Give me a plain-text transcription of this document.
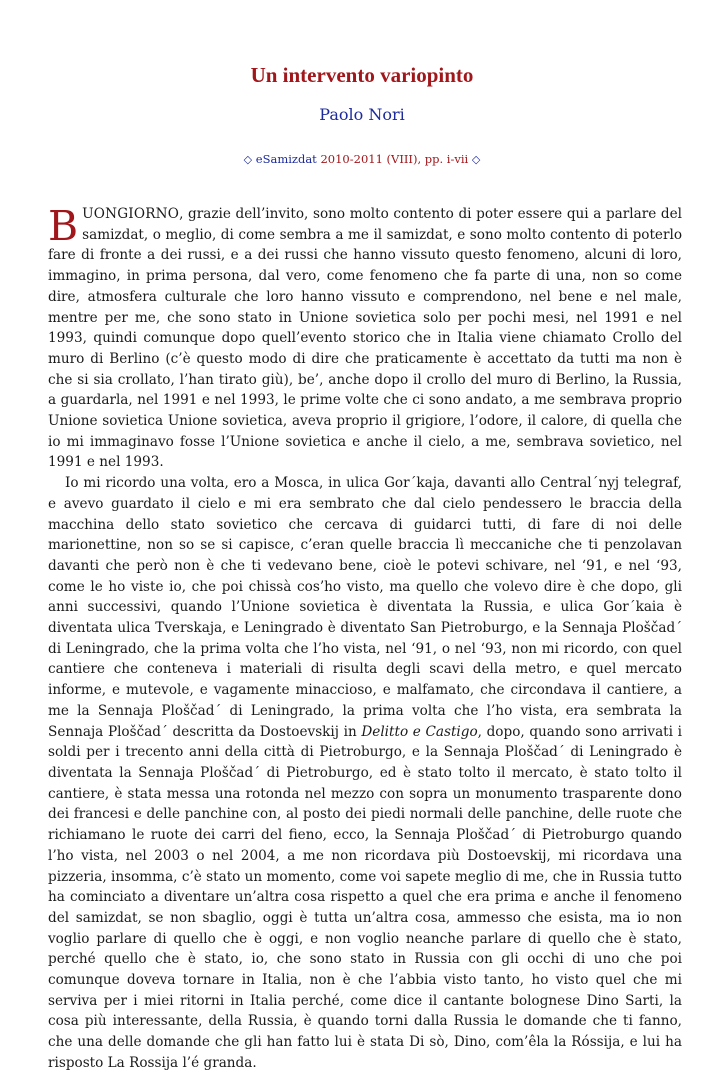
Un intervento variopinto
Paolo Nori
◇ eSamizdat 2010-2011 (VIII), pp. i-vii ◇

BUONGIORNO, grazie dell’invito, sono molto contento di poter essere qui a parlare del samizdat, o meglio, di come sembra a me il samizdat, e sono molto contento di poterlo fare di fronte a dei russi, e a dei russi che hanno vissuto questo fenomeno, alcuni di loro, immagino, in prima persona, dal vero, come fenomeno che fa parte di una, non so come dire, atmosfera culturale che loro hanno vissuto e comprendono, nel bene e nel male, mentre per me, che sono stato in Unione sovietica solo per pochi mesi, nel 1991 e nel 1993, quindi comunque dopo quell’evento storico che in Italia viene chiamato Crollo del muro di Berlino (c’è questo modo di dire che praticamente è accettato da tutti ma non è che si sia crollato, l’han tirato giù), be’, anche dopo il crollo del muro di Berlino, la Russia, a guardarla, nel 1991 e nel 1993, le prime volte che ci sono andato, a me sembrava proprio Unione sovietica Unione sovietica, aveva proprio il grigiore, l’odore, il calore, di quella che io mi immaginavo fosse l’Unione sovietica e anche il cielo, a me, sembrava sovietico, nel 1991 e nel 1993.

Io mi ricordo una volta, ero a Mosca, in ulica Gor´kaja, davanti allo Central´nyj telegraf, e avevo guardato il cielo e mi era sembrato che dal cielo pendessero le braccia della macchina dello stato sovietico che cercava di guidarci tutti, di fare di noi delle marionettine, non so se si capisce, c’eran quelle braccia lì meccaniche che ti penzolavan davanti che però non è che ti vedevano bene, cioè le potevi schivare, nel ‘91, e nel ‘93, come le ho viste io, che poi chissà cos’ho visto, ma quello che volevo dire è che dopo, gli anni successivi, quando l’Unione sovietica è diventata la Russia, e ulica Gor´kaia è diventata ulica Tverskaja, e Leningrado è diventato San Pietroburgo, e la Sennaja Ploščad´ di Leningrado, che la prima volta che l’ho vista, nel ‘91, o nel ‘93, non mi ricordo, con quel cantiere che conteneva i materiali di risulta degli scavi della metro, e quel mercato informe, e mutevole, e vagamente minaccioso, e malfamato, che circondava il cantiere, a me la Sennaja Ploščad´ di Leningrado, la prima volta che l’ho vista, era sembrata la Sennaja Ploščad´ descritta da Dostoevskij in Delitto e Castigo, dopo, quando sono arrivati i soldi per i trecento anni della città di Pietroburgo, e la Sennaja Ploščad´ di Leningrado è diventata la Sennaja Ploščad´ di Pietroburgo, ed è stato tolto il mercato, è stato tolto il cantiere, è stata messa una rotonda nel mezzo con sopra un monumento trasparente dono dei francesi e delle panchine con, al posto dei piedi normali delle panchine, delle ruote che richiamano le ruote dei carri del fieno, ecco, la Sennaja Ploščad´ di Pietroburgo quando l’ho vista, nel 2003 o nel 2004, a me non ricordava più Dostoevskij, mi ricordava una pizzeria, insomma, c’è stato un momento, come voi sapete meglio di me, che in Russia tutto ha cominciato a diventare un’altra cosa rispetto a quel che era prima e anche il fenomeno del samizdat, se non sbaglio, oggi è tutta un’altra cosa, ammesso che esista, ma io non voglio parlare di quello che è oggi, e non voglio neanche parlare di quello che è stato, perché quello che è stato, io, che sono stato in Russia con gli occhi di uno che poi comunque doveva tornare in Italia, non è che l’abbia visto tanto, ho visto quel che mi serviva per i miei ritorni in Italia perché, come dice il cantante bolognese Dino Sarti, la cosa più interessante, della Russia, è quando torni dalla Russia le domande che ti fanno, che una delle domande che gli han fatto lui è stata Di sò, Dino, com’êla la Róssija, e lui ha risposto La Rossija l’é granda.
